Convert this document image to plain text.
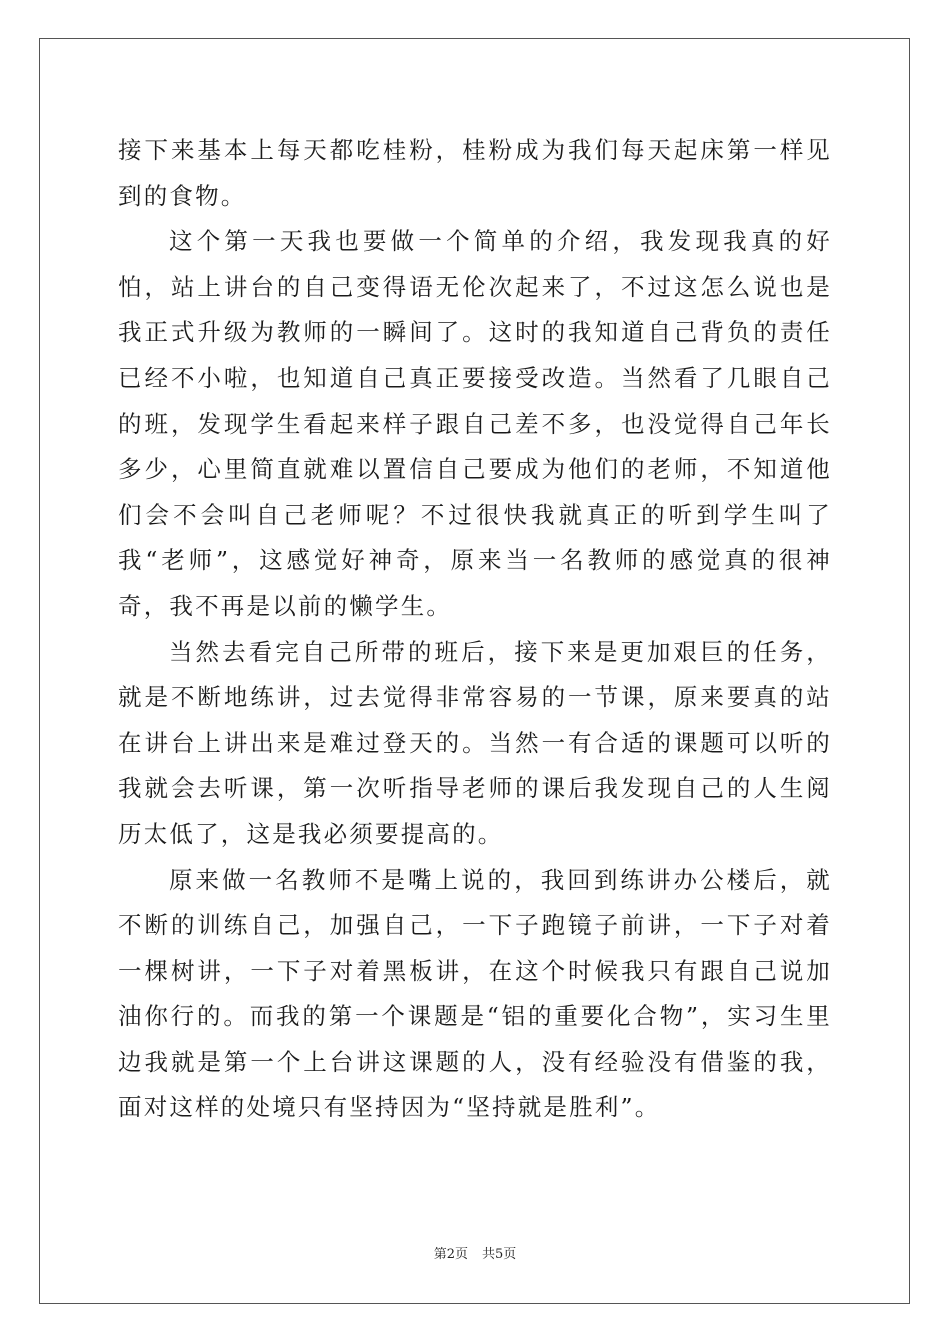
接下来基本上每天都吃桂粉，桂粉成为我们每天起床第一样见到的食物。

这个第一天我也要做一个简单的介绍，我发现我真的好怕，站上讲台的自己变得语无伦次起来了，不过这怎么说也是我正式升级为教师的一瞬间了。这时的我知道自己背负的责任已经不小啦，也知道自己真正要接受改造。当然看了几眼自己的班，发现学生看起来样子跟自己差不多，也没觉得自己年长多少，心里简直就难以置信自己要成为他们的老师，不知道他们会不会叫自己老师呢？不过很快我就真正的听到学生叫了我“老师”，这感觉好神奇，原来当一名教师的感觉真的很神奇，我不再是以前的懒学生。

当然去看完自己所带的班后，接下来是更加艰巨的任务，就是不断地练讲，过去觉得非常容易的一节课，原来要真的站在讲台上讲出来是难过登天的。当然一有合适的课题可以听的我就会去听课，第一次听指导老师的课后我发现自己的人生阅历太低了，这是我必须要提高的。

原来做一名教师不是嘴上说的，我回到练讲办公楼后，就不断的训练自己，加强自己，一下子跑镜子前讲，一下子对着一棵树讲，一下子对着黑板讲，在这个时候我只有跟自己说加油你行的。而我的第一个课题是“铝的重要化合物”，实习生里边我就是第一个上台讲这课题的人，没有经验没有借鉴的我，面对这样的处境只有坚持因为“坚持就是胜利”。

第2页 共5页
